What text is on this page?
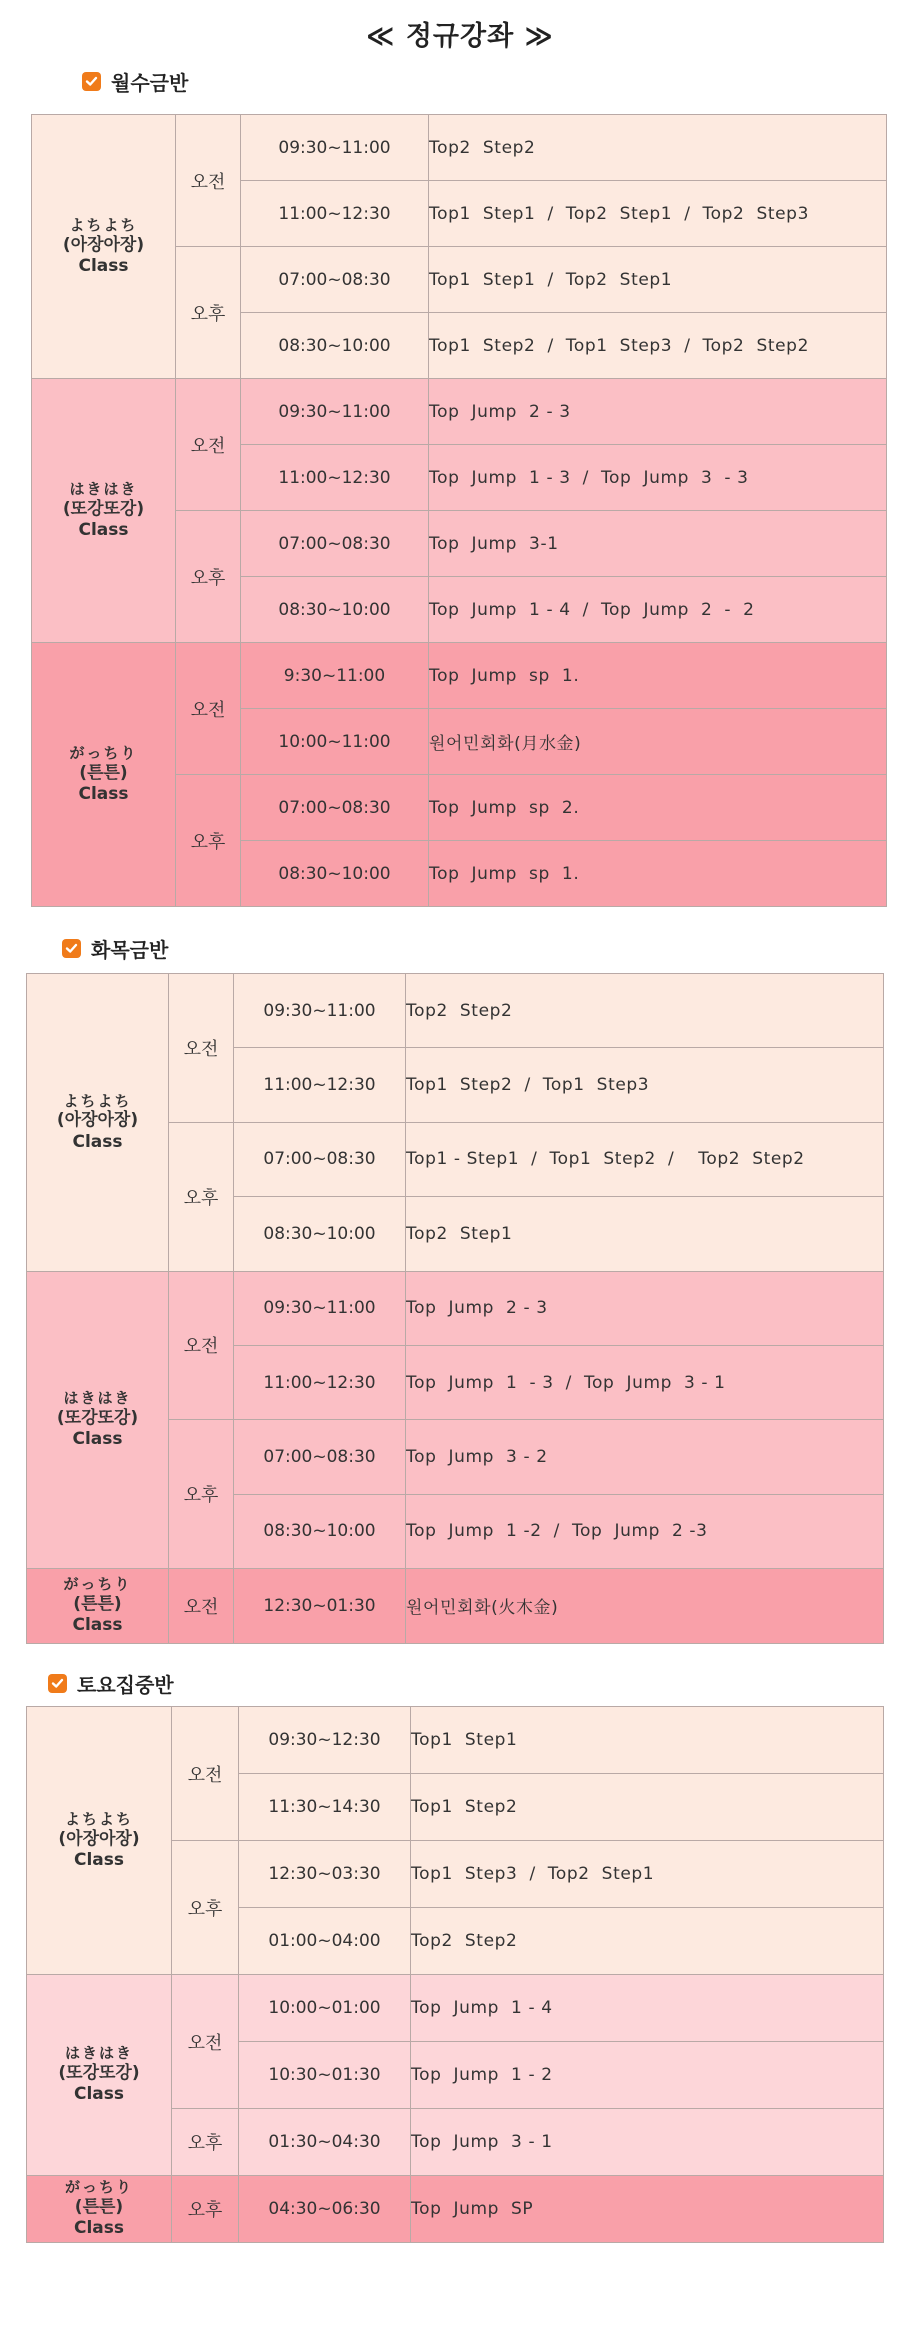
≪ 정규강좌 ≫
월수금반
よちよち
(아장아장)
Class	오전	09:30~11:00	Top2  Step2
		11:00~12:30	Top1  Step1  /  Top2  Step1  /  Top2  Step3
	오후	07:00~08:30	Top1  Step1  /  Top2  Step1
		08:30~10:00	Top1  Step2  /  Top1  Step3  /  Top2  Step2

はきはき
(또강또강)
Class	오전	09:30~11:00	Top  Jump  2 - 3
		11:00~12:30	Top  Jump  1 - 3  /  Top  Jump  3  - 3
	오후	07:00~08:30	Top  Jump  3-1
		08:30~10:00	Top  Jump  1 - 4  /  Top  Jump  2  -  2

がっちり
(튼튼)
Class	오전	9:30~11:00	Top  Jump  sp  1.
		10:00~11:00	원어민회화(月水金)
	오후	07:00~08:30	Top  Jump  sp  2.
		08:30~10:00	Top  Jump  sp  1.
화목금반
よちよち
(아장아장)
Class	오전	09:30~11:00	Top2  Step2
		11:00~12:30	Top1  Step2  /  Top1  Step3
	오후	07:00~08:30	Top1 - Step1  /  Top1  Step2  /    Top2  Step2
		08:30~10:00	Top2  Step1

はきはき
(또강또강)
Class	오전	09:30~11:00	Top  Jump  2 - 3
		11:00~12:30	Top  Jump  1  - 3  /  Top  Jump  3 - 1
	오후	07:00~08:30	Top  Jump  3 - 2
		08:30~10:00	Top  Jump  1 -2  /  Top  Jump  2 -3

がっちり
(튼튼)
Class	오전	12:30~01:30	원어민회화(火木金)
토요집중반
よちよち
(아장아장)
Class	오전	09:30~12:30	Top1  Step1
		11:30~14:30	Top1  Step2
	오후	12:30~03:30	Top1  Step3  /  Top2  Step1
		01:00~04:00	Top2  Step2

はきはき
(또강또강)
Class	오전	10:00~01:00	Top  Jump  1 - 4
		10:30~01:30	Top  Jump  1 - 2
	오후	01:30~04:30	Top  Jump  3 - 1

がっちり
(튼튼)
Class	오후	04:30~06:30	Top  Jump  SP
